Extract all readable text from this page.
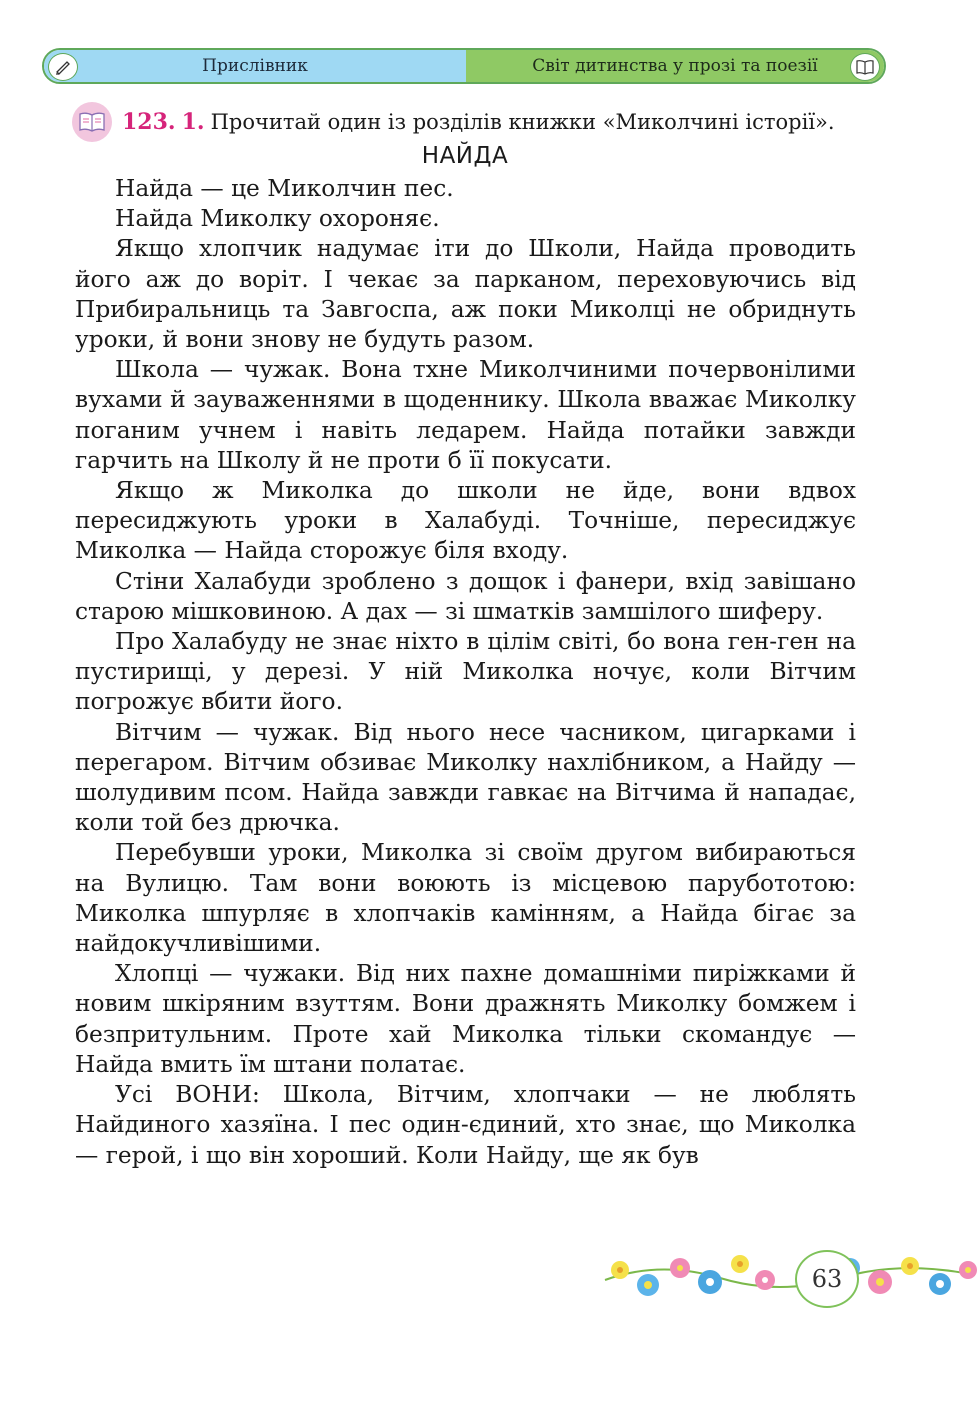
Прислівник	Світ дитинства у прозі та поезії
123. 1. Прочитай один із розділів книжки «Миколчині історії».
НАЙДА

Найда — це Миколчин пес.

Найда Миколку охороняє.

Якщо хлопчик надумає іти до Школи, Найда проводить його аж до воріт. І чекає за парканом, переховуючись від Прибиральниць та Завгоспа, аж поки Миколці не обриднуть уроки, й вони знову не будуть разом.

Школа — чужак. Вона тхне Миколчиними почервонілими вухами й зауваженнями в щоденнику. Школа вважає Миколку поганим учнем і навіть ледарем. Найда потайки завжди гарчить на Школу й не проти б її покусати.

Якщо ж Миколка до школи не йде, вони вдвох пересиджують уроки в Халабуді. Точніше, пересиджує Миколка — Найда сторожує біля входу.

Стіни Халабуди зроблено з дощок і фанери, вхід завішано старою мішковиною. А дах — зі шматків замшілого шиферу.

Про Халабуду не знає ніхто в цілім світі, бо вона ген-ген на пустирищі, у дерезі. У ній Миколка ночує, коли Вітчим погрожує вбити його.

Вітчим — чужак. Від нього несе часником, цигарками і перегаром. Вітчим обзиває Миколку нахлібником, а Найду — шолудивим псом. Найда завжди гавкає на Вітчима й нападає, коли той без дрючка.

Перебувши уроки, Миколка зі своїм другом вибираються на Вулицю. Там вони воюють із місцевою парубототою: Миколка шпурляє в хлопчаків камінням, а Найда бігає за найдокучливішими.

Хлопці — чужаки. Від них пахне домашніми пиріжками й новим шкіряним взуттям. Вони дражнять Миколку бомжем і безпритульним. Проте хай Миколка тільки скомандує — Найда вмить їм штани полатає.

Усі ВОНИ: Школа, Вітчим, хлопчаки — не люблять Найдиного хазяїна. І пес один-єдиний, хто знає, що Миколка — герой, і що він хороший. Коли Найду, ще як був

63
